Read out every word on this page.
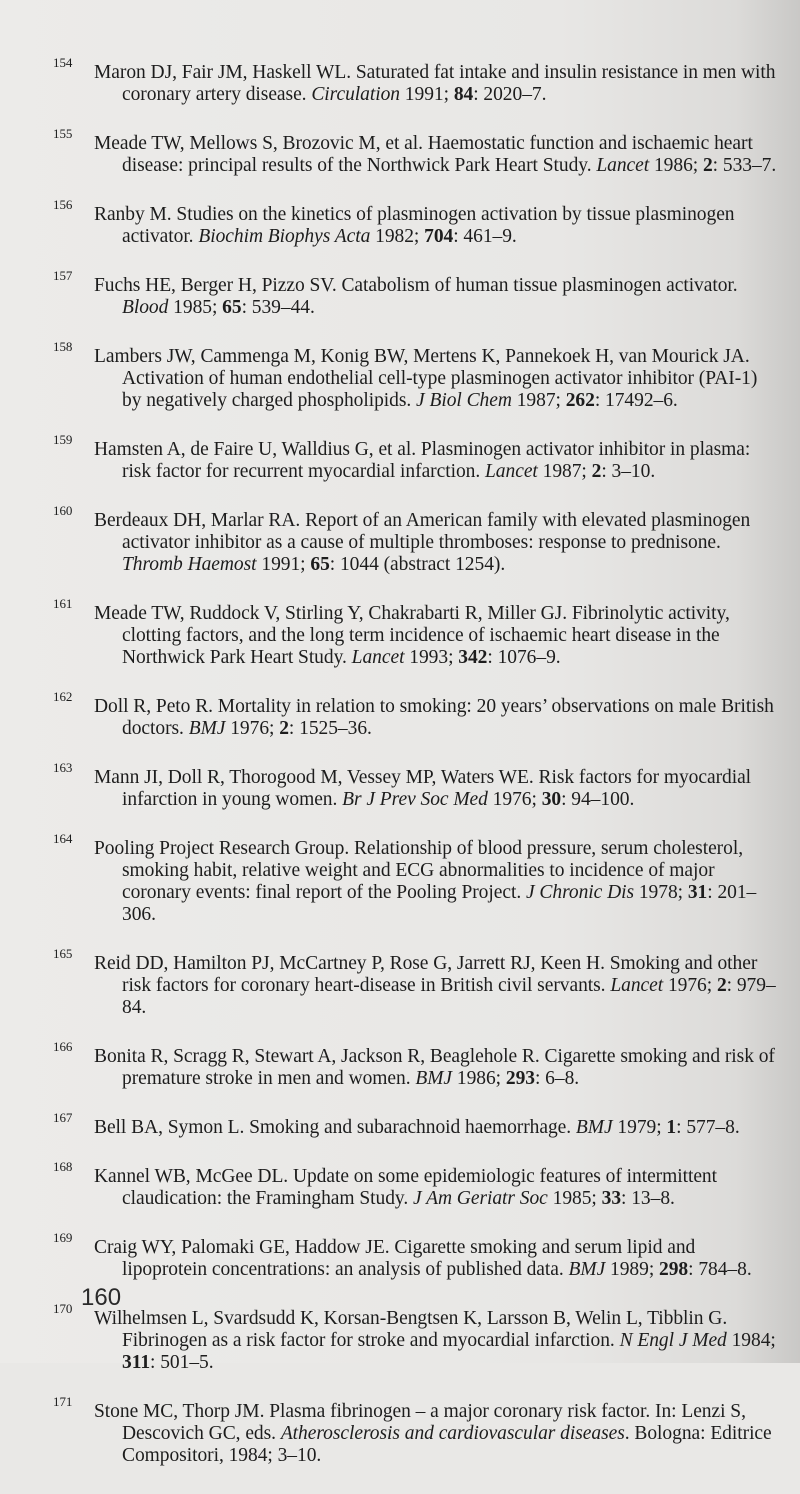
154	Maron DJ, Fair JM, Haskell WL. Saturated fat intake and insulin resistance in men with coronary artery disease. Circulation 1991; 84: 2020–7.
155	Meade TW, Mellows S, Brozovic M, et al. Haemostatic function and ischaemic heart disease: principal results of the Northwick Park Heart Study. Lancet 1986; 2: 533–7.
156	Ranby M. Studies on the kinetics of plasminogen activation by tissue plasminogen activator. Biochim Biophys Acta 1982; 704: 461–9.
157	Fuchs HE, Berger H, Pizzo SV. Catabolism of human tissue plasminogen activator. Blood 1985; 65: 539–44.
158	Lambers JW, Cammenga M, Konig BW, Mertens K, Pannekoek H, van Mourick JA. Activation of human endothelial cell-type plasminogen activator inhibitor (PAI-1) by negatively charged phospholipids. J Biol Chem 1987; 262: 17492–6.
159	Hamsten A, de Faire U, Walldius G, et al. Plasminogen activator inhibitor in plasma: risk factor for recurrent myocardial infarction. Lancet 1987; 2: 3–10.
160	Berdeaux DH, Marlar RA. Report of an American family with elevated plasminogen activator inhibitor as a cause of multiple thromboses: response to prednisone. Thromb Haemost 1991; 65: 1044 (abstract 1254).
161	Meade TW, Ruddock V, Stirling Y, Chakrabarti R, Miller GJ. Fibrinolytic activity, clotting factors, and the long term incidence of ischaemic heart disease in the Northwick Park Heart Study. Lancet 1993; 342: 1076–9.
162	Doll R, Peto R. Mortality in relation to smoking: 20 years’ observations on male British doctors. BMJ 1976; 2: 1525–36.
163	Mann JI, Doll R, Thorogood M, Vessey MP, Waters WE. Risk factors for myocardial infarction in young women. Br J Prev Soc Med 1976; 30: 94–100.
164	Pooling Project Research Group. Relationship of blood pressure, serum cholesterol, smoking habit, relative weight and ECG abnormalities to incidence of major coronary events: final report of the Pooling Project. J Chronic Dis 1978; 31: 201–306.
165	Reid DD, Hamilton PJ, McCartney P, Rose G, Jarrett RJ, Keen H. Smoking and other risk factors for coronary heart-disease in British civil servants. Lancet 1976; 2: 979–84.
166	Bonita R, Scragg R, Stewart A, Jackson R, Beaglehole R. Cigarette smoking and risk of premature stroke in men and women. BMJ 1986; 293: 6–8.
167	Bell BA, Symon L. Smoking and subarachnoid haemorrhage. BMJ 1979; 1: 577–8.
168	Kannel WB, McGee DL. Update on some epidemiologic features of intermittent claudication: the Framingham Study. J Am Geriatr Soc 1985; 33: 13–8.
169	Craig WY, Palomaki GE, Haddow JE. Cigarette smoking and serum lipid and lipoprotein concentrations: an analysis of published data. BMJ 1989; 298: 784–8.
170	Wilhelmsen L, Svardsudd K, Korsan-Bengtsen K, Larsson B, Welin L, Tibblin G. Fibrinogen as a risk factor for stroke and myocardial infarction. N Engl J Med 1984; 311: 501–5.
171	Stone MC, Thorp JM. Plasma fibrinogen – a major coronary risk factor. In: Lenzi S, Descovich GC, eds. Atherosclerosis and cardiovascular diseases. Bologna: Editrice Compositori, 1984; 3–10.
160
